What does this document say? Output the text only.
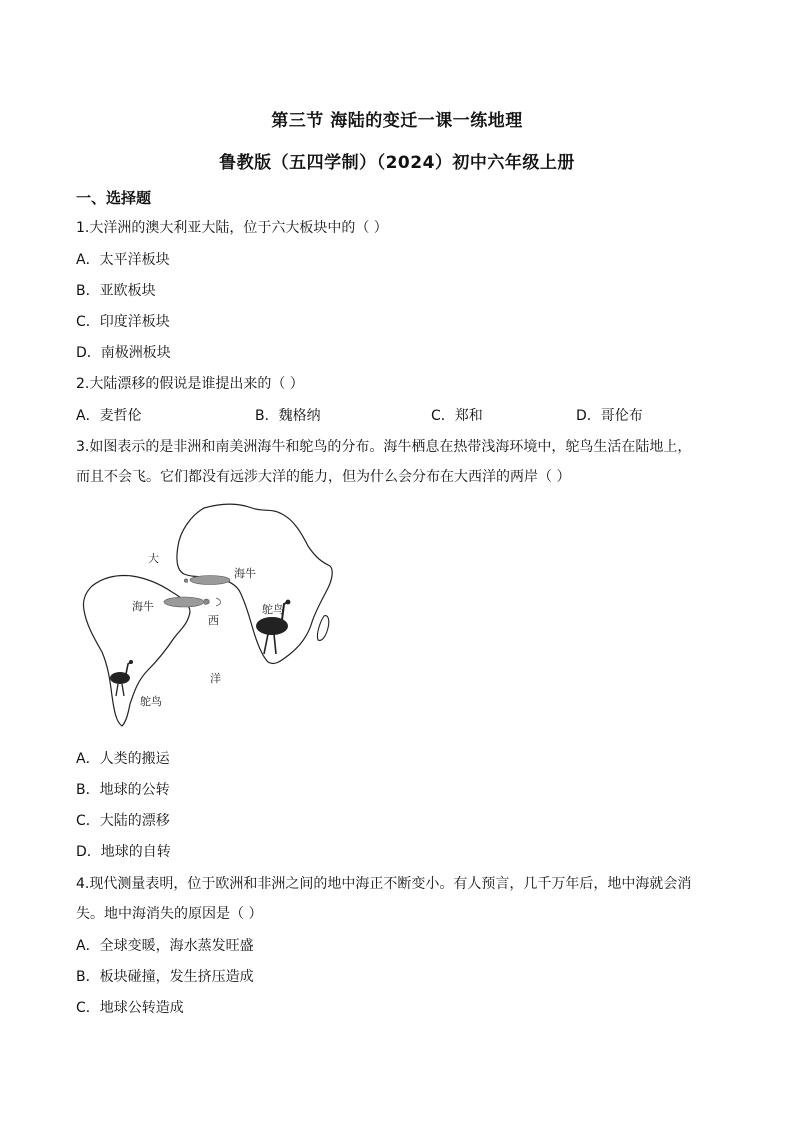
第三节 海陆的变迁一课一练地理
鲁教版（五四学制）（2024）初中六年级上册
一、选择题
1.大洋洲的澳大利亚大陆，位于六大板块中的（ ）
A．太平洋板块
B．亚欧板块
C．印度洋板块
D．南极洲板块
2.大陆漂移的假说是谁提出来的（ ）
A．麦哲伦	B．魏格纳	C．郑和	D．哥伦布
3.如图表示的是非洲和南美洲海牛和鸵鸟的分布。海牛栖息在热带浅海环境中，鸵鸟生活在陆地上，
而且不会飞。它们都没有远涉大洋的能力，但为什么会分布在大西洋的两岸（ ）
大
西
洋
海牛
海牛	鸵鸟
鸵鸟
A．人类的搬运
B．地球的公转
C．大陆的漂移
D．地球的自转
4.现代测量表明，位于欧洲和非洲之间的地中海正不断变小。有人预言，几千万年后，地中海就会消
失。地中海消失的原因是（ ）
A．全球变暖，海水蒸发旺盛
B．板块碰撞，发生挤压造成
C．地球公转造成
